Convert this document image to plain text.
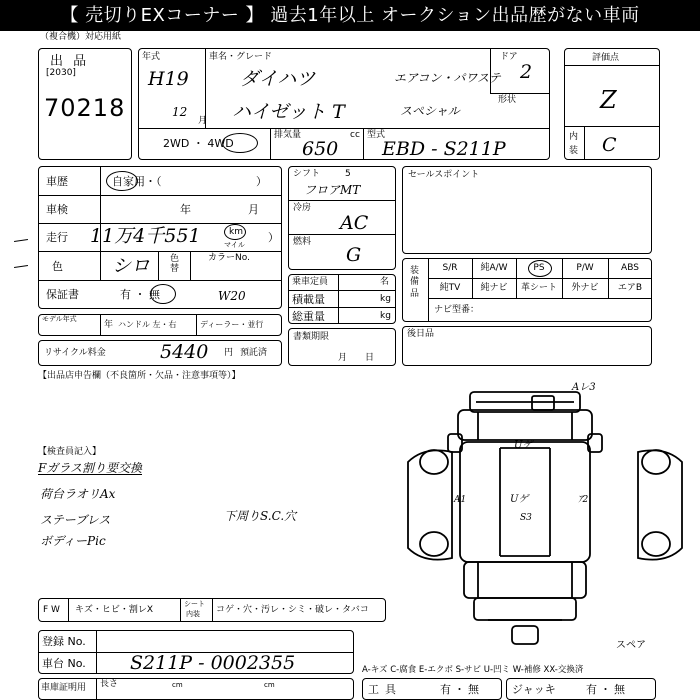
【 売切りEXコーナー 】 過去1年以上 オークション出品歴がない車両
（複合機）対応用紙
出 品
[2030]
70218
年式
H19
12
月
車名・グレード
ダイハツ
ハイゼット T
エアコン・パワステ
スペシャル
ドア
2
形状
2WD ・ 4WD
排気量
650
cc 型式
EBD - S211P
評価点
Z
内装 C
車歴	自家用・（	）
車検	年	月
走行 11万4千551	km
マイル
）
色	シロ 色替
カラーNo.
保証書	有 ・ 無	W20
モデル年式
年 ハンドル 左・右	ディーラー・並行
リサイクル料金	5440 円 預託済
シフト	5
フロアMT
冷房
AC
燃料
G
乗車定員	名
積載量	kg
総重量	kg
書類期限
月日
セールスポイント
装備品
S/R	純A/W	PS	P/W	ABS
純TV	純ナビ	革シート	外ナビ	エアB
ナビ型番：
後日品
【出品店申告欄（不良箇所・欠品・注意事項等）】
【検査員記入】
Fガラス割り要交換
荷台ラオリAx
ステーブレス
ボディーPic
下周りS.C.穴
F W キズ・ヒビ・割レX
シート
内装 コゲ・穴・汚レ・シミ・破レ・タバコ
登録 No.
車台 No. S211P - 0002355	A-キズ C-腐食 E-エクボ S-サビ U-凹ミ W-補修 XX-交換済
車庫証明用 長さ	cm	cm	工具	有・無	ジャッキ	有・無
Aレ3
Uゲ
Uゲ
S3
A1	ｱ2
スペア
